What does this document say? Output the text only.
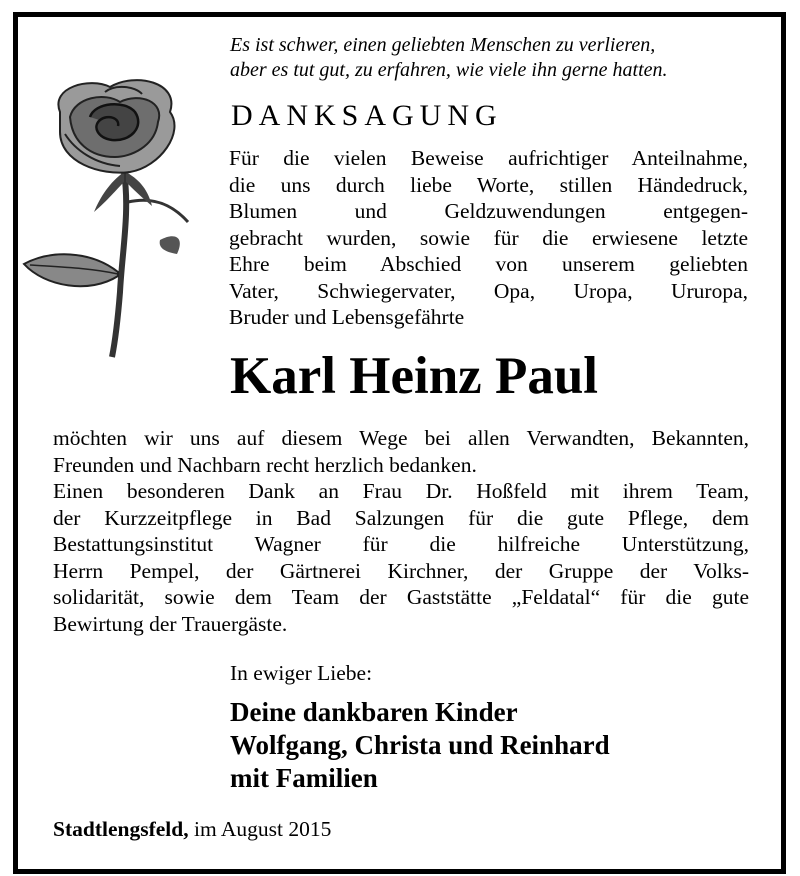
Es ist schwer, einen geliebten Menschen zu verlieren,
aber es tut gut, zu erfahren, wie viele ihn gerne hatten.
DANKSAGUNG
Für die vielen Beweise aufrichtiger Anteilnahme,
die uns durch liebe Worte, stillen Händedruck,
Blumen und Geldzuwendungen entgegen-
gebracht wurden, sowie für die erwiesene letzte
Ehre beim Abschied von unserem geliebten
Vater, Schwiegervater, Opa, Uropa, Ururopa,
Bruder und Lebensgefährte
Karl Heinz Paul
möchten wir uns auf diesem Wege bei allen Verwandten, Bekannten,
Freunden und Nachbarn recht herzlich bedanken.
Einen besonderen Dank an Frau Dr. Hoßfeld mit ihrem Team,
der Kurzzeitpflege in Bad Salzungen für die gute Pflege, dem
Bestattungsinstitut Wagner für die hilfreiche Unterstützung,
Herrn Pempel, der Gärtnerei Kirchner, der Gruppe der Volks-
solidarität, sowie dem Team der Gaststätte „Feldatal“ für die gute
Bewirtung der Trauergäste.
In ewiger Liebe:
Deine dankbaren Kinder
Wolfgang, Christa und Reinhard
mit Familien
Stadtlengsfeld, im August 2015
